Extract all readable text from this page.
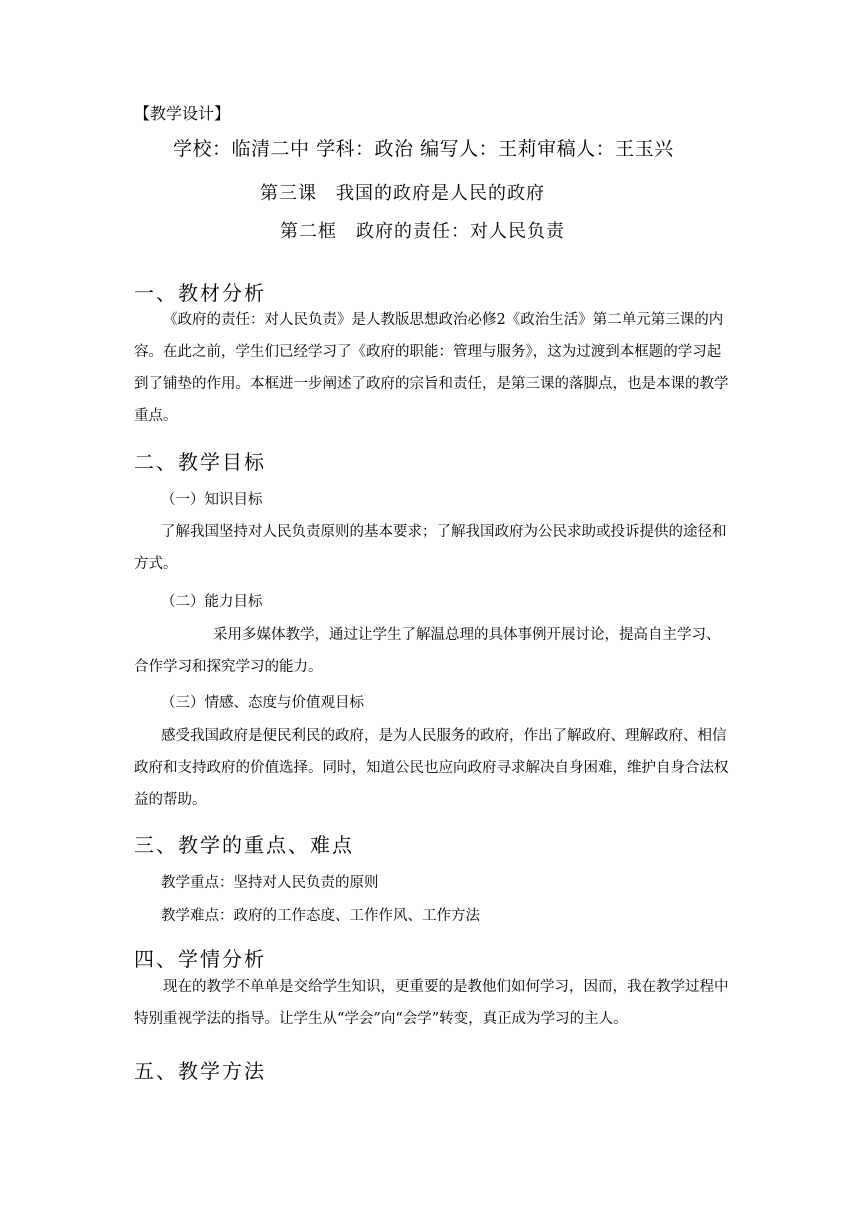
【教学设计】
学校：临清二中 学科：政治 编写人：王莉审稿人：王玉兴
第三课　我国的政府是人民的政府
第二框　政府的责任：对人民负责
一、教材分析
《政府的责任：对人民负责》是人教版思想政治必修2《政治生活》第二单元第三课的内容。在此之前，学生们已经学习了《政府的职能：管理与服务》，这为过渡到本框题的学习起到了铺垫的作用。本框进一步阐述了政府的宗旨和责任，是第三课的落脚点，也是本课的教学重点。
二、教学目标
（一）知识目标
了解我国坚持对人民负责原则的基本要求；了解我国政府为公民求助或投诉提供的途径和方式。
（二）能力目标
采用多媒体教学，通过让学生了解温总理的具体事例开展讨论，提高自主学习、合作学习和探究学习的能力。
（三）情感、态度与价值观目标
感受我国政府是便民利民的政府，是为人民服务的政府，作出了解政府、理解政府、相信政府和支持政府的价值选择。同时，知道公民也应向政府寻求解决自身困难，维护自身合法权益的帮助。
三、教学的重点、难点
教学重点：坚持对人民负责的原则
教学难点：政府的工作态度、工作作风、工作方法
四、学情分析
现在的教学不单单是交给学生知识，更重要的是教他们如何学习，因而，我在教学过程中特别重视学法的指导。让学生从“学会”向“会学”转变，真正成为学习的主人。
五、教学方法
